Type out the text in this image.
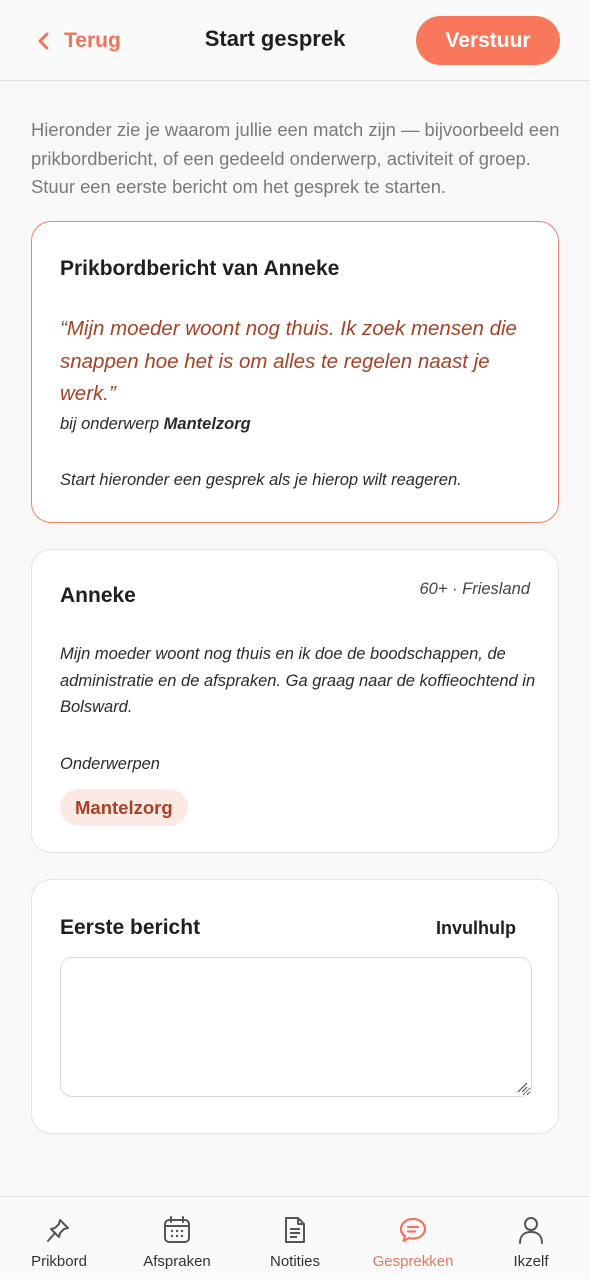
Terug	Start gesprek	Verstuur

Hieronder zie je waarom jullie een match zijn — bijvoorbeeld een prikbordbericht, of een gedeeld onderwerp, activiteit of groep. Stuur een eerste bericht om het gesprek te starten.

Prikbordbericht van Anneke
“Mijn moeder woont nog thuis. Ik zoek mensen die snappen hoe het is om alles te regelen naast je werk.”
bij onderwerp Mantelzorg
Start hieronder een gesprek als je hierop wilt reageren.
Anneke	60+ · Friesland
Mijn moeder woont nog thuis en ik doe de boodschappen, de administratie en de afspraken. Ga graag naar de koffieochtend in Bolsward.
Onderwerpen
Mantelzorg
Eerste bericht	Invulhulp
Prikbord	Afspraken	Notities	Gesprekken	Ikzelf
